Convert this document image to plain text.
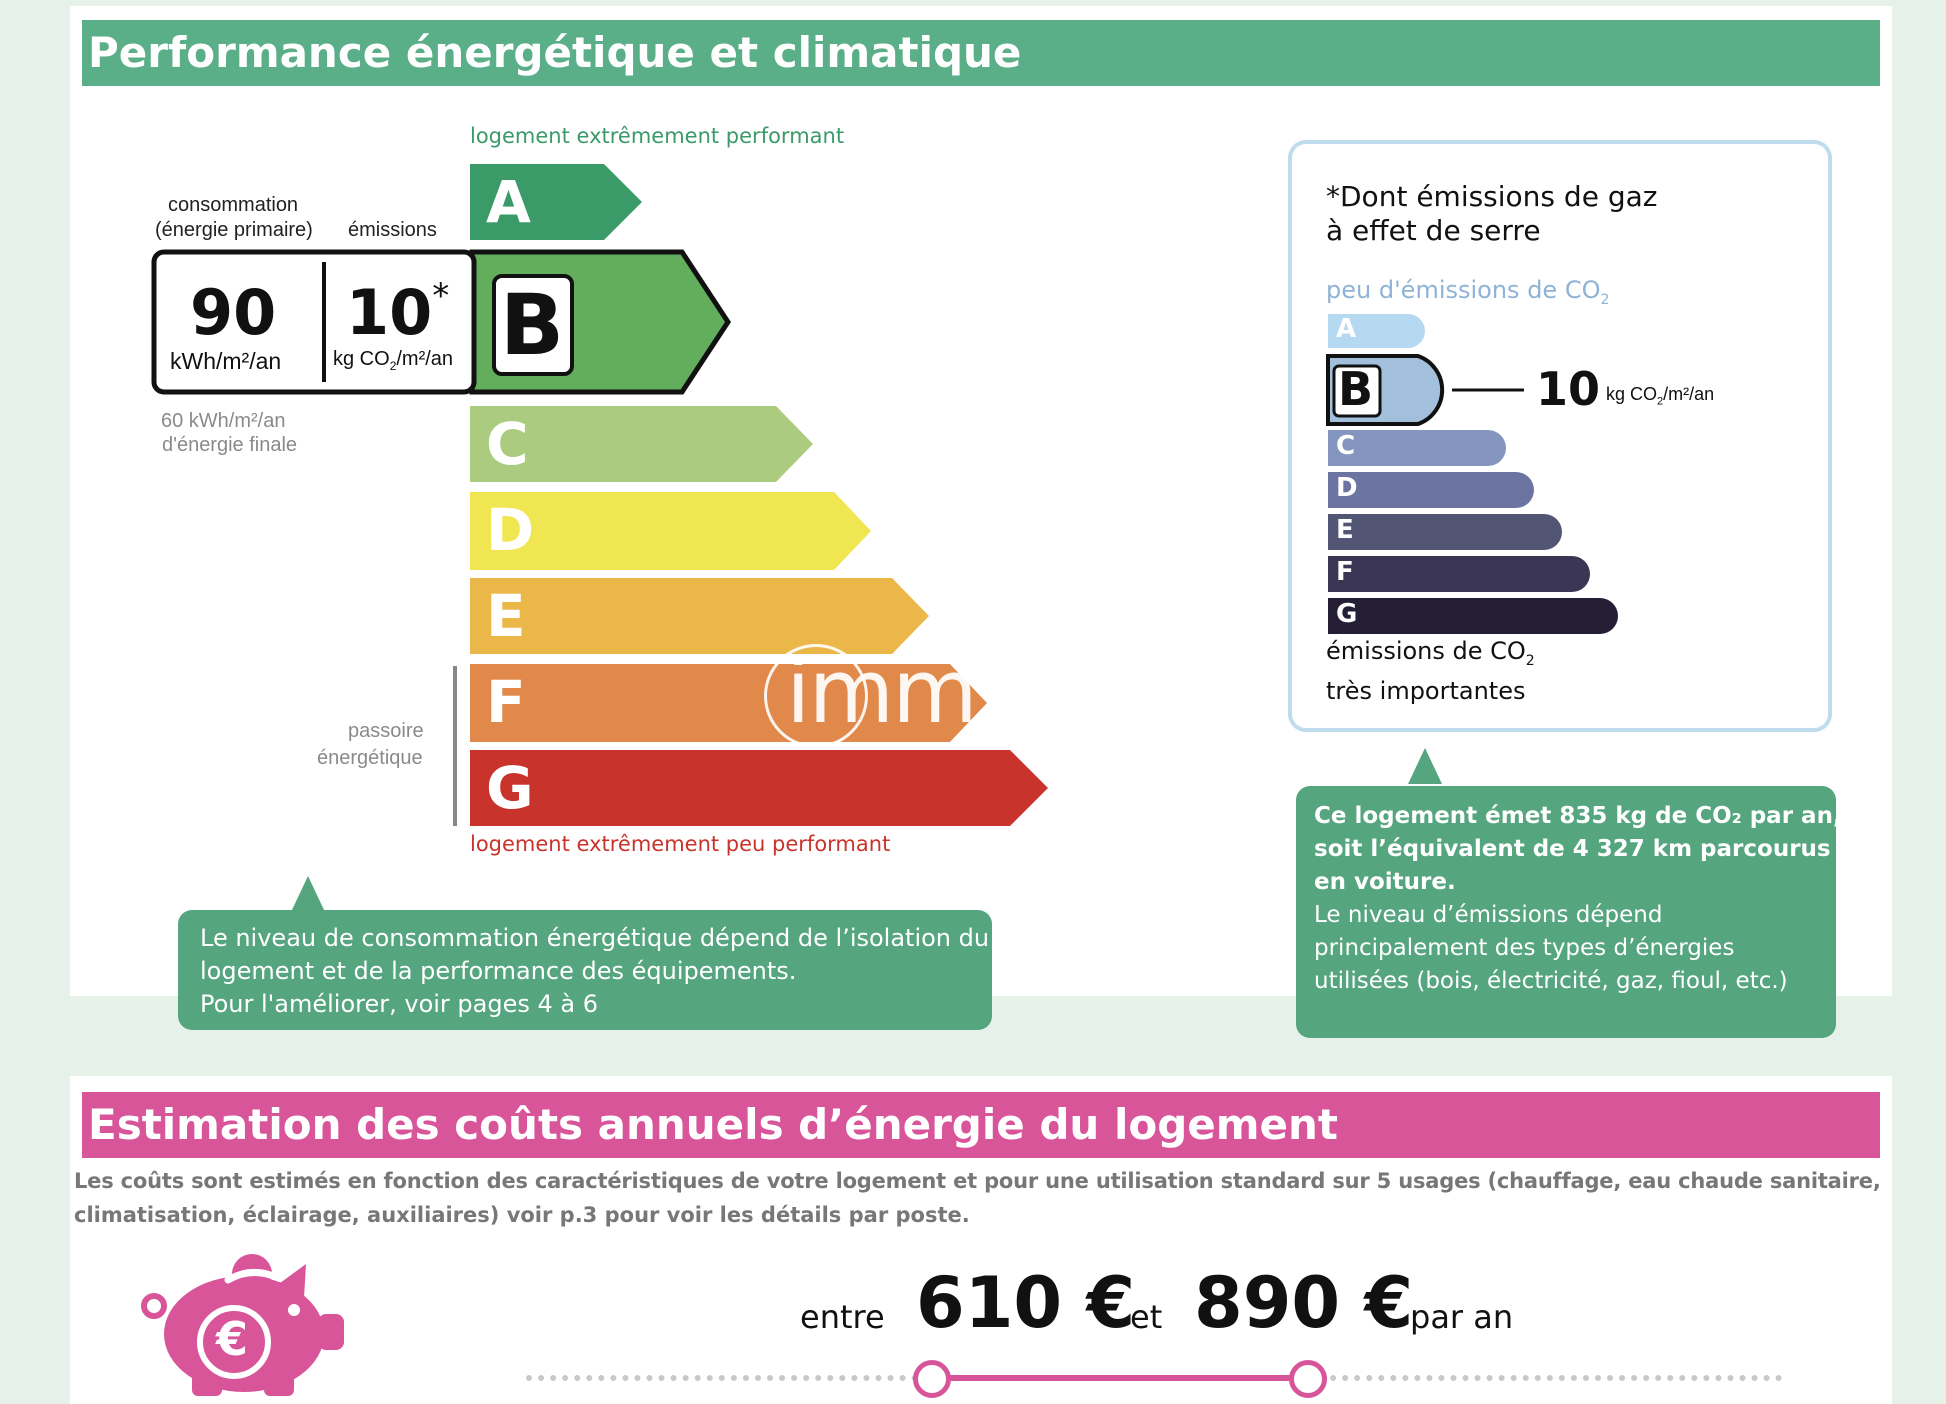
Performance énergétique et climatique
logement extrêmement performant
A
B
C
D
E
F
G
imm
consommation
(énergie primaire) émissions
90
kWh/m²/an
10*
kg $CO_2/m^2/an$
60 kWh/m²/an
d'énergie finale
passoire
énergétique
logement extrêmement peu performant
Le niveau de consommation énergétique dépend de l’isolation du
logement et de la performance des équipements.
Pour l'améliorer, voir pages 4 à 6
*Dont émissions de gaz
à effet de serre
peu d'émissions de $CO_2$
A
B
C
D
E
F
G
10 kg $CO_2/m^2/an$
émissions de $CO_2$
très importantes
Ce logement émet 835 kg de CO₂ par an,
soit l’équivalent de 4 327 km parcourus
en voiture.
Le niveau d’émissions dépend
principalement des types d’énergies
utilisées (bois, électricité, gaz, fioul, etc.)
Estimation des coûts annuels d’énergie du logement
Les coûts sont estimés en fonction des caractéristiques de votre logement et pour une utilisation standard sur 5 usages (chauffage, eau chaude sanitaire,
climatisation, éclairage, auxiliaires) voir p.3 pour voir les détails par poste.
€	entre 610 €
et 890 €
par an
